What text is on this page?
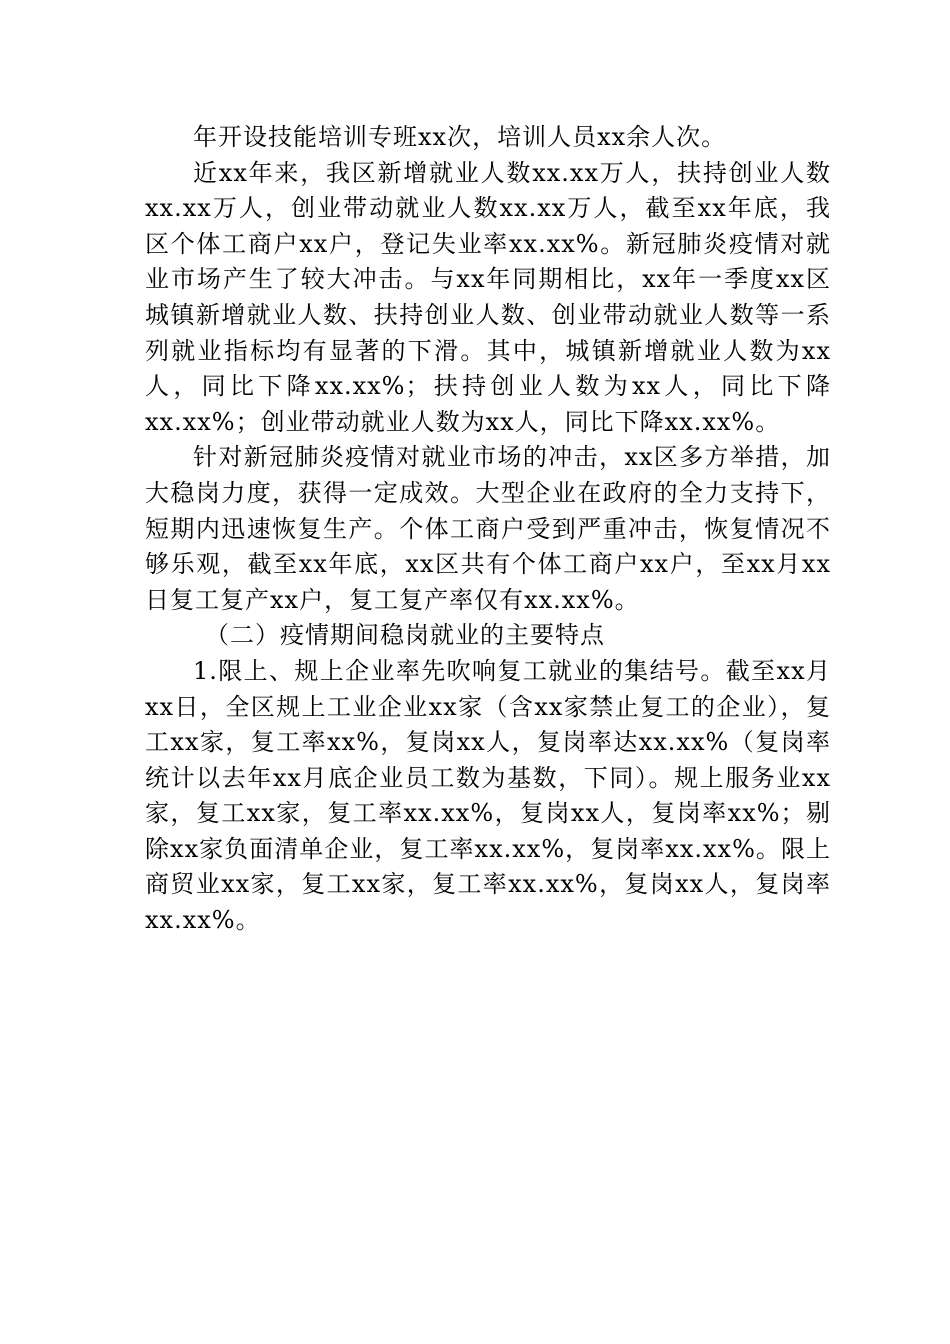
年开设技能培训专班xx次，培训人员xx余人次。

近xx年来，我区新增就业人数xx.xx万人，扶持创业人数xx.xx万人，创业带动就业人数xx.xx万人，截至xx年底，我区个体工商户xx户，登记失业率xx.xx%。新冠肺炎疫情对就业市场产生了较大冲击。与xx年同期相比，xx年一季度xx区城镇新增就业人数、扶持创业人数、创业带动就业人数等一系列就业指标均有显著的下滑。其中，城镇新增就业人数为xx人，同比下降xx.xx%；扶持创业人数为xx人，同比下降xx.xx%；创业带动就业人数为xx人，同比下降xx.xx%。

针对新冠肺炎疫情对就业市场的冲击，xx区多方举措，加大稳岗力度，获得一定成效。大型企业在政府的全力支持下，短期内迅速恢复生产。个体工商户受到严重冲击，恢复情况不够乐观，截至xx年底，xx区共有个体工商户xx户，至xx月xx日复工复产xx户，复工复产率仅有xx.xx%。

（二）疫情期间稳岗就业的主要特点

1.限上、规上企业率先吹响复工就业的集结号。截至xx月xx日，全区规上工业企业xx家（含xx家禁止复工的企业），复工xx家，复工率xx%，复岗xx人，复岗率达xx.xx%（复岗率统计以去年xx月底企业员工数为基数，下同）。规上服务业xx家，复工xx家，复工率xx.xx%，复岗xx人，复岗率xx%；剔除xx家负面清单企业，复工率xx.xx%，复岗率xx.xx%。限上商贸业xx家，复工xx家，复工率xx.xx%，复岗xx人，复岗率xx.xx%。
